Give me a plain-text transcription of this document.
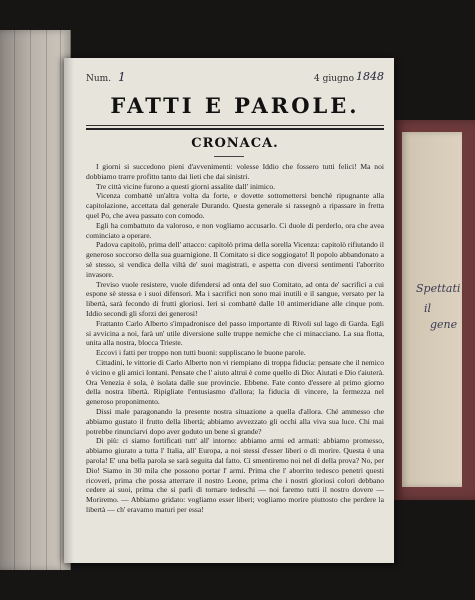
Spettati
il
gene
Num. 1	4 giugno 1848
FATTI E PAROLE.
CRONACA.

I giorni si succedono pieni d'avvenimenti: volesse Iddio che fossero tutti felici! Ma noi dobbiamo trarre profitto tanto dai lieti che dai sinistri.

Tre città vicine furono a questi giorni assalite dall' inimico.

Vicenza combattè un'altra volta da forte, e dovette sottomettersi benchè ripugnante alla capitolazione, accettata dal generale Durando. Questa generale si rassegnò a ripassare in fretta quel Po, che avea passato con comodo.

Egli ha combattuto da valoroso, e non vogliamo accusarlo. Ci duole di perderlo, ora che avea cominciato a operare.

Padova capitolò, prima dell' attacco: capitolò prima della sorella Vicenza: capitolò rifiutando il generoso soccorso della sua guarnigione. Il Comitato si dice soggiogato! Il popolo abbandonato a sè stesso, si vendica della viltà de' suoi magistrati, e aspetta con diversi sentimenti l'aborrito invasore.

Treviso vuole resistere, vuole difendersi ad onta del suo Comitato, ad onta de' sacrifici a cui espone sè stessa e i suoi difensori. Ma i sacrifici non sono mai inutili e il sangue, versato per la libertà, sarà fecondo di frutti gloriosi. Ieri si combattè dalle 10 antimeridiane alle cinque pom. Iddio secondi gli sforzi dei generosi!

Frattanto Carlo Alberto s'impadronisce del passo importante di Rivoli sul lago di Garda. Egli si avvicina a noi, farà un' utile diversione sulle truppe nemiche che ci minacciano. La sua flotta, unita alla nostra, blocca Trieste.

Eccovi i fatti per troppo non tutti buoni: suppliscano le buone parole.

Cittadini, le vittorie di Carlo Alberto non vi riempiano di troppa fiducia: pensate che il nemico è vicino e gli amici lontani. Pensate che l' aiuto altrui è come quello di Dio: Aiutati e Dio t'aiuterà. Ora Venezia è sola, è isolata dalle sue provincie. Ebbene. Fate conto d'essere al primo giorno della nostra libertà. Ripigliate l'entusiasmo d'allora; la fiducia di vincere, la fermezza nel generoso proponimento.

Dissi male paragonando la presente nostra situazione a quella d'allora. Ché ammesso che abbiamo gustato il frutto della libertà; abbiamo avvezzato gli occhi alla viva sua luce. Chi mai potrebbe rinunciarvi dopo aver goduto un bene sì grande?

Di più: ci siamo fortificati tutt' all' intorno: abbiamo armi ed armati: abbiamo promesso, abbiamo giurato a tutta l' Italia, all' Europa, a noi stessi d'esser liberi o di morire. Questa è una parola! E' una bella parola se sarà seguita dal fatto. Ci smentiremo noi nel dì della prova? No, per Dio! Siamo in 30 mila che possono portar l' armi. Prima che l' aborrito tedesco penetri questi ricoveri, prima che possa atterrare il nostro Leone, prima che i nostri gloriosi colori debbano cedere ai suoi, prima che si parli di tornare tedeschi — noi faremo tutti il nostro dovere — Moriremo. — Abbiamo gridato: vogliamo esser liberi; vogliamo morire piuttosto che perdere la libertà — ch' eravamo maturi per essa!
